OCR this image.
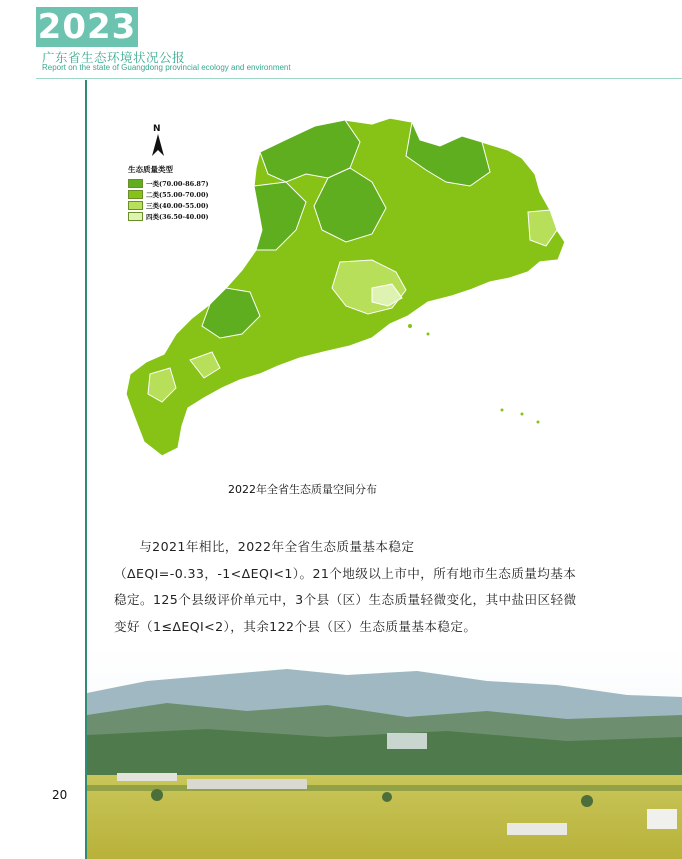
2023
广东省生态环境状况公报
Report on the state of Guangdong provincial ecology and environment
N
生态质量类型
一类(70.00-86.87)
二类(55.00-70.00)
三类(40.00-55.00)
四类(36.50-40.00)
2022年全省生态质量空间分布

与2021年相比，2022年全省生态质量基本稳定（ΔEQI=-0.33，-1<ΔEQI<1）。21个地级以上市中，所有地市生态质量均基本稳定。125个县级评价单元中，3个县（区）生态质量轻微变化，其中盐田区轻微变好（1≤ΔEQI<2），其余122个县（区）生态质量基本稳定。

20
